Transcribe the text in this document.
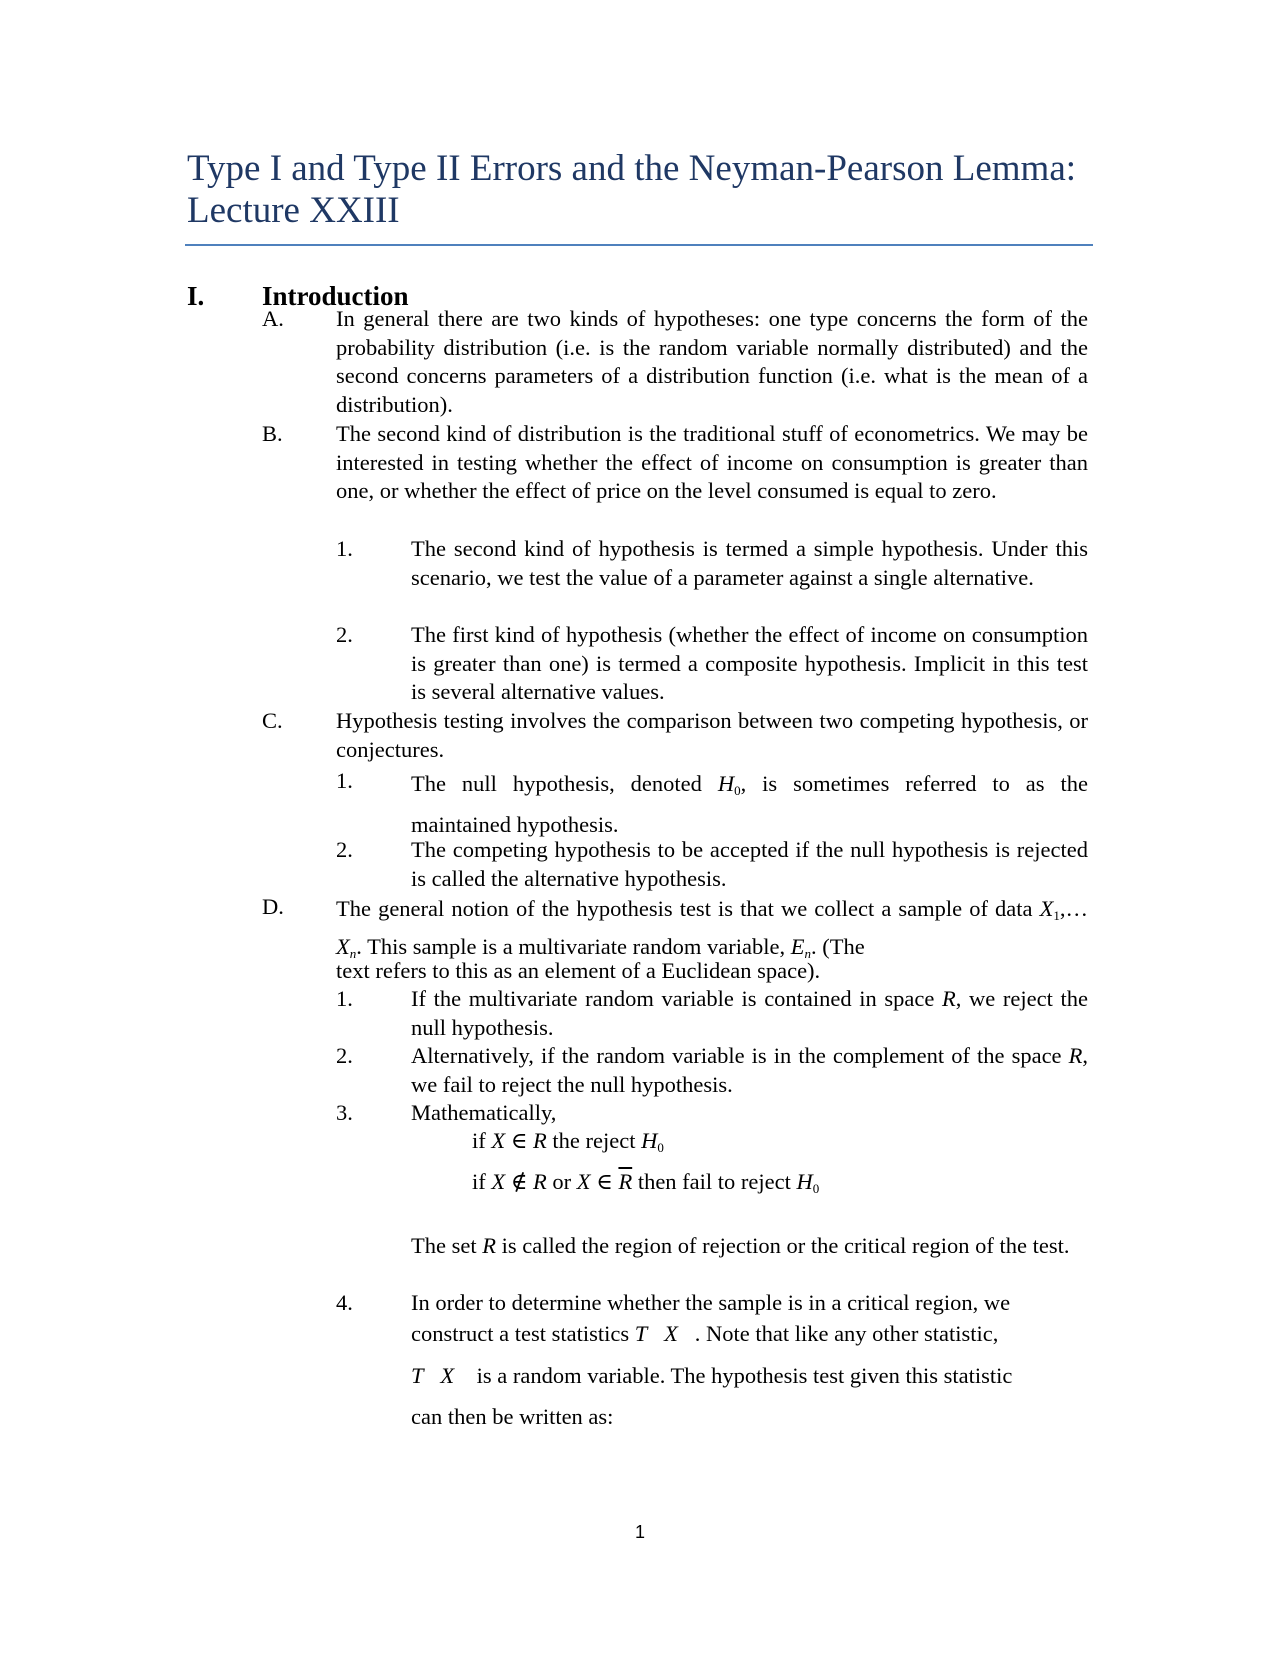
Type I and Type II Errors and the Neyman-Pearson Lemma: Lecture XXIII
I. Introduction
A. In general there are two kinds of hypotheses: one type concerns the form of the probability distribution (i.e. is the random variable normally distributed) and the second concerns parameters of a distribution function (i.e. what is the mean of a distribution).
B. The second kind of distribution is the traditional stuff of econometrics. We may be interested in testing whether the effect of income on consumption is greater than one, or whether the effect of price on the level consumed is equal to zero.
1.	The second kind of hypothesis is termed a simple hypothesis. Under this scenario, we test the value of a parameter against a single alternative.
2.	The first kind of hypothesis (whether the effect of income on consumption is greater than one) is termed a composite hypothesis. Implicit in this test is several alternative values.
C. Hypothesis testing involves the comparison between two competing hypothesis, or conjectures.
1.	The null hypothesis, denoted $H_0$, is sometimes referred to as the maintained hypothesis.
2.	The competing hypothesis to be accepted if the null hypothesis is rejected is called the alternative hypothesis.
D. The general notion of the hypothesis test is that we collect a sample of data $X_1,\dots X_n$. This sample is a multivariate random variable, $E_n$. (The
text refers to this as an element of a Euclidean space).
1.	If the multivariate random variable is contained in space R, we reject the null hypothesis.
2.	Alternatively, if the random variable is in the complement of the space R, we fail to reject the null hypothesis.
3.	Mathematically,
if X ∈ R the reject $H_0$
if X ∉ R or X ∈ $\overline{R}$ then fail to reject $H_0$
The set R is called the region of rejection or the critical region of the test.
4.	In order to determine whether the sample is in a critical region, we
construct a test statistics T X . Note that like any other statistic,
T X is a random variable. The hypothesis test given this statistic
can then be written as:
1
